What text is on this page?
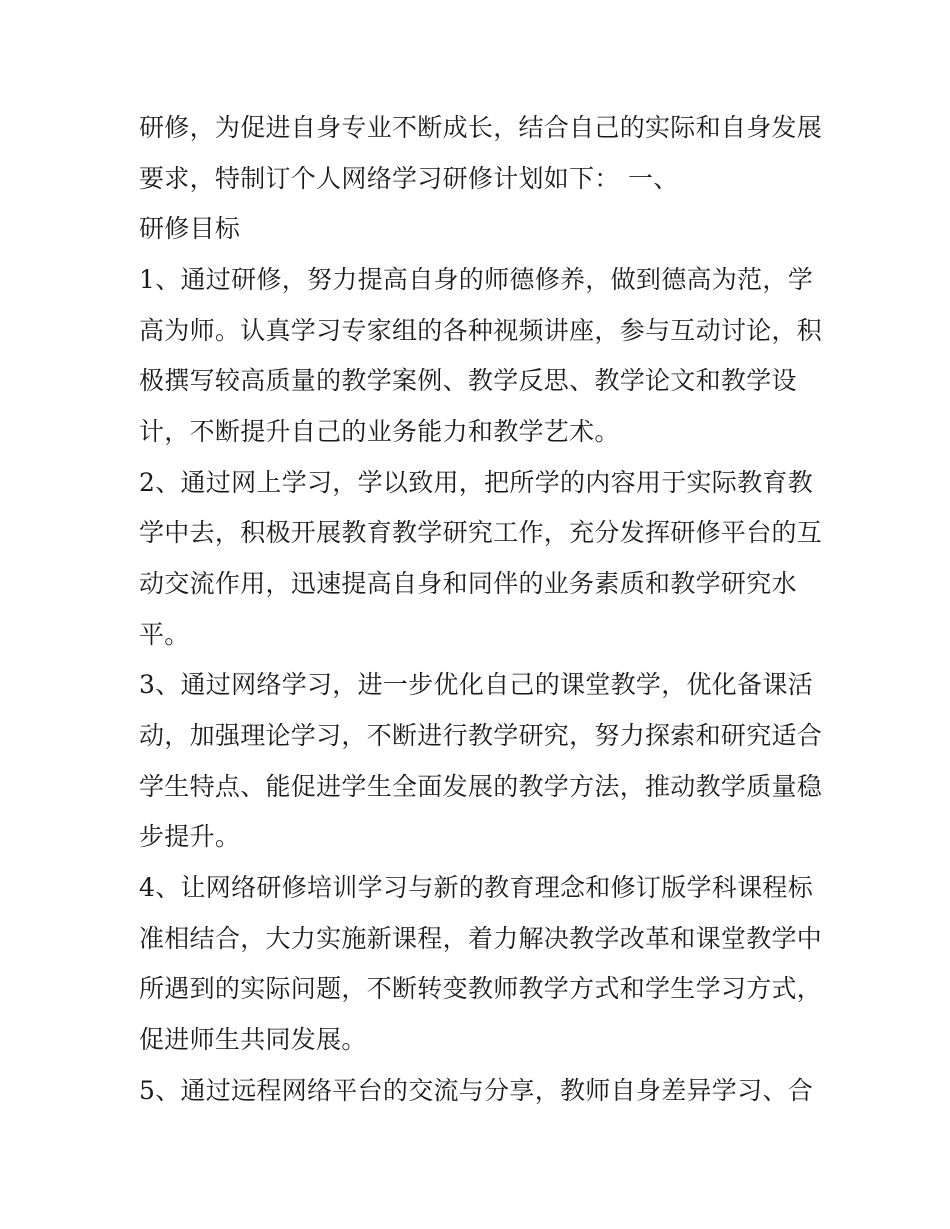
研修，为促进自身专业不断成长，结合自己的实际和自身发展
要求，特制订个人网络学习研修计划如下： 一、
研修目标
1、通过研修，努力提高自身的师德修养，做到德高为范，学
高为师。认真学习专家组的各种视频讲座，参与互动讨论，积
极撰写较高质量的教学案例、教学反思、教学论文和教学设
计，不断提升自己的业务能力和教学艺术。
2、通过网上学习，学以致用，把所学的内容用于实际教育教
学中去，积极开展教育教学研究工作，充分发挥研修平台的互
动交流作用，迅速提高自身和同伴的业务素质和教学研究水
平。
3、通过网络学习，进一步优化自己的课堂教学，优化备课活
动，加强理论学习，不断进行教学研究，努力探索和研究适合
学生特点、能促进学生全面发展的教学方法，推动教学质量稳
步提升。
4、让网络研修培训学习与新的教育理念和修订版学科课程标
准相结合，大力实施新课程，着力解决教学改革和课堂教学中
所遇到的实际问题，不断转变教师教学方式和学生学习方式，
促进师生共同发展。
5、通过远程网络平台的交流与分享，教师自身差异学习、合
